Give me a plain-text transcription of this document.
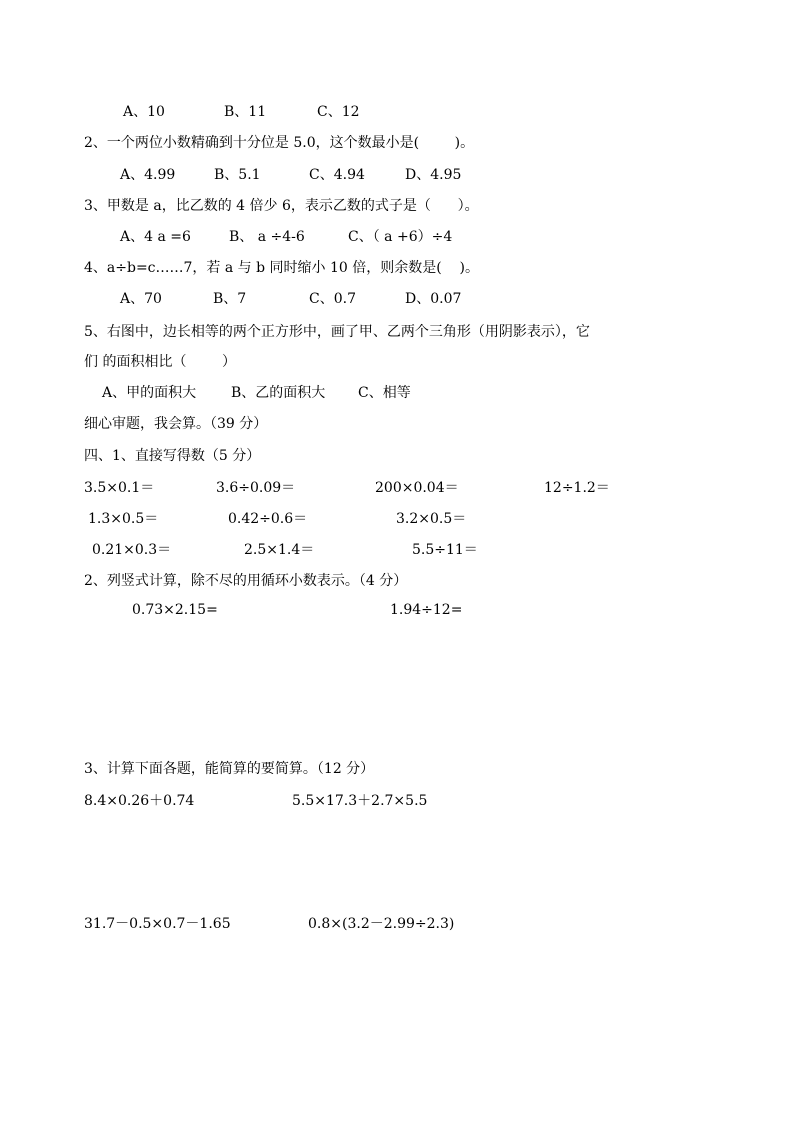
A、10	B、11	C、12
2、一个两位小数精确到十分位是 5.0，这个数最小是(        )。
A、4.99	B、5.1	C、4.94	D、4.95
3、甲数是 a，比乙数的 4 倍少 6，表示乙数的式子是（      ）。
A、4 a =6	B、 a ÷4-6	C、（ a +6）÷4
4、a÷b=c……7，若 a 与 b 同时缩小 10 倍，则余数是(    )。
A、70	B、7	C、0.7	D、0.07
5、右图中，边长相等的两个正方形中，画了甲、乙两个三角形（用阴影表示），它
们 的面积相比（        ）
A、甲的面积大 B、乙的面积大 C、相等
细心审题，我会算。（39 分）
四、1、直接写得数（5 分）
3.5×0.1＝	3.6÷0.09＝	200×0.04＝	12÷1.2＝
1.3×0.5＝	0.42÷0.6＝	3.2×0.5＝
0.21×0.3＝	2.5×1.4＝	5.5÷11＝
2、列竖式计算，除不尽的用循环小数表示。（4 分）
0.73×2.15=	1.94÷12=
3、计算下面各题，能简算的要简算。（12 分）
8.4×0.26＋0.74	5.5×17.3＋2.7×5.5
31.7－0.5×0.7－1.65	0.8×(3.2－2.99÷2.3)
